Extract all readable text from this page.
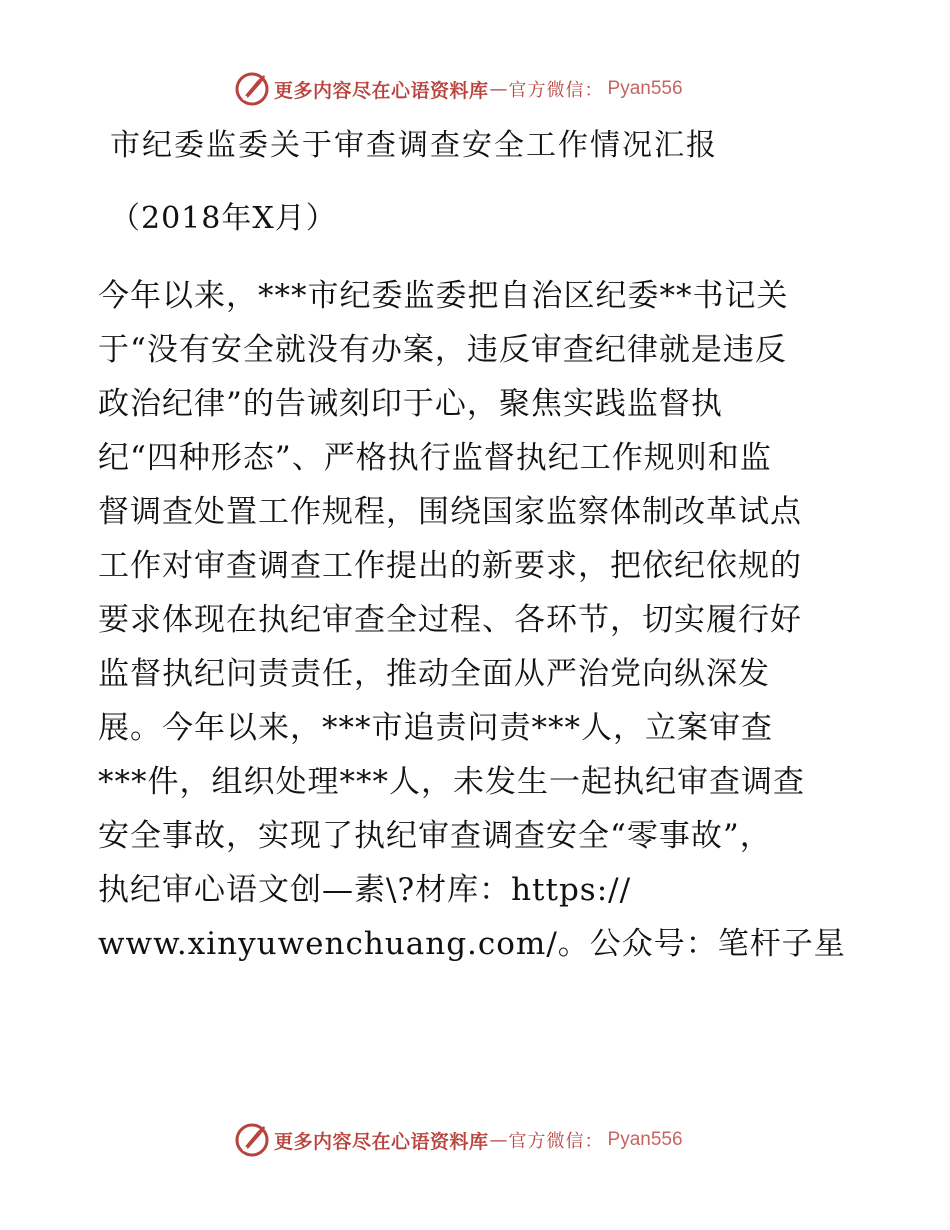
更多内容尽在心语资料库 — 官方微信： Pyan556
市纪委监委关于审查调查安全工作情况汇报
（2018年X月）
今年以来，***市纪委监委把自治区纪委**书记关
于“没有安全就没有办案，违反审查纪律就是违反
政治纪律”的告诫刻印于心，聚焦实践监督执
纪“四种形态”、严格执行监督执纪工作规则和监
督调查处置工作规程，围绕国家监察体制改革试点
工作对审查调查工作提出的新要求，把依纪依规的
要求体现在执纪审查全过程、各环节，切实履行好
监督执纪问责责任，推动全面从严治党向纵深发
展。今年以来，***市追责问责***人，立案审查
***件，组织处理***人，未发生一起执纪审查调查
安全事故，实现了执纪审查调查安全“零事故”，
执纪审心语文创—素\?材库：https://
www.xinyuwenchuang.com/。公众号：笔杆子星
更多内容尽在心语资料库 — 官方微信： Pyan556
